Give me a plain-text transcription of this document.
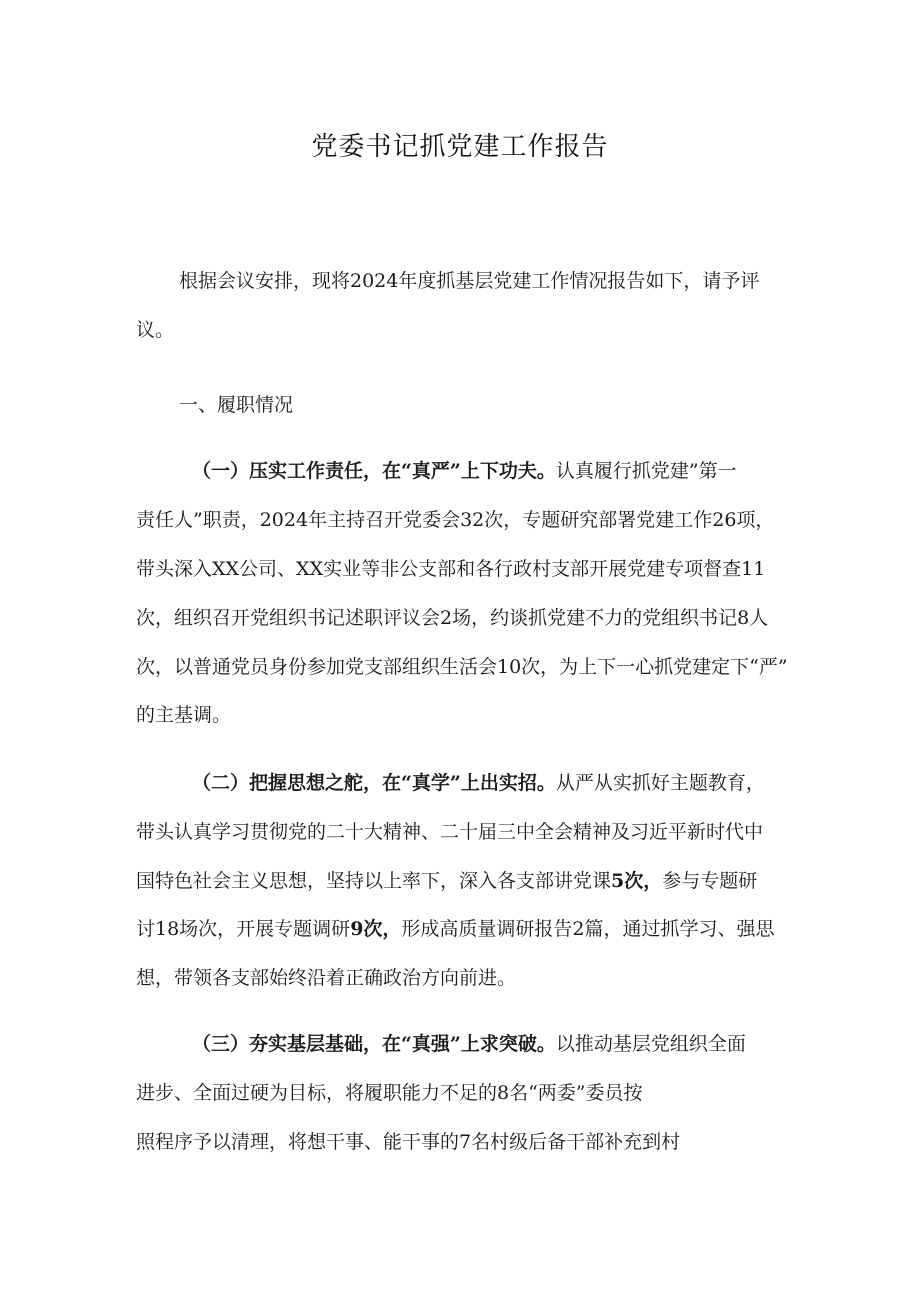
党委书记抓党建工作报告
根据会议安排，现将2024年度抓基层党建工作情况报告如下，请予评
议。
一、履职情况
（一）压实工作责任，在“真严”上下功夫。认真履行抓党建”第一
责任人”职责，2024年主持召开党委会32次，专题研究部署党建工作26项，
带头深入XX公司、XX实业等非公支部和各行政村支部开展党建专项督查11
次，组织召开党组织书记述职评议会2场，约谈抓党建不力的党组织书记8人
次，以普通党员身份参加党支部组织生活会10次，为上下一心抓党建定下“严”
的主基调。
（二）把握思想之舵，在“真学”上出实招。从严从实抓好主题教育，
带头认真学习贯彻党的二十大精神、二十届三中全会精神及习近平新时代中
国特色社会主义思想，坚持以上率下，深入各支部讲党课5次，参与专题研
讨18场次，开展专题调研9次，形成高质量调研报告2篇，通过抓学习、强思
想，带领各支部始终沿着正确政治方向前进。
（三）夯实基层基础，在“真强”上求突破。以推动基层党组织全面
进步、全面过硬为目标，将履职能力不足的8名“两委”委员按
照程序予以清理，将想干事、能干事的7名村级后备干部补充到村
